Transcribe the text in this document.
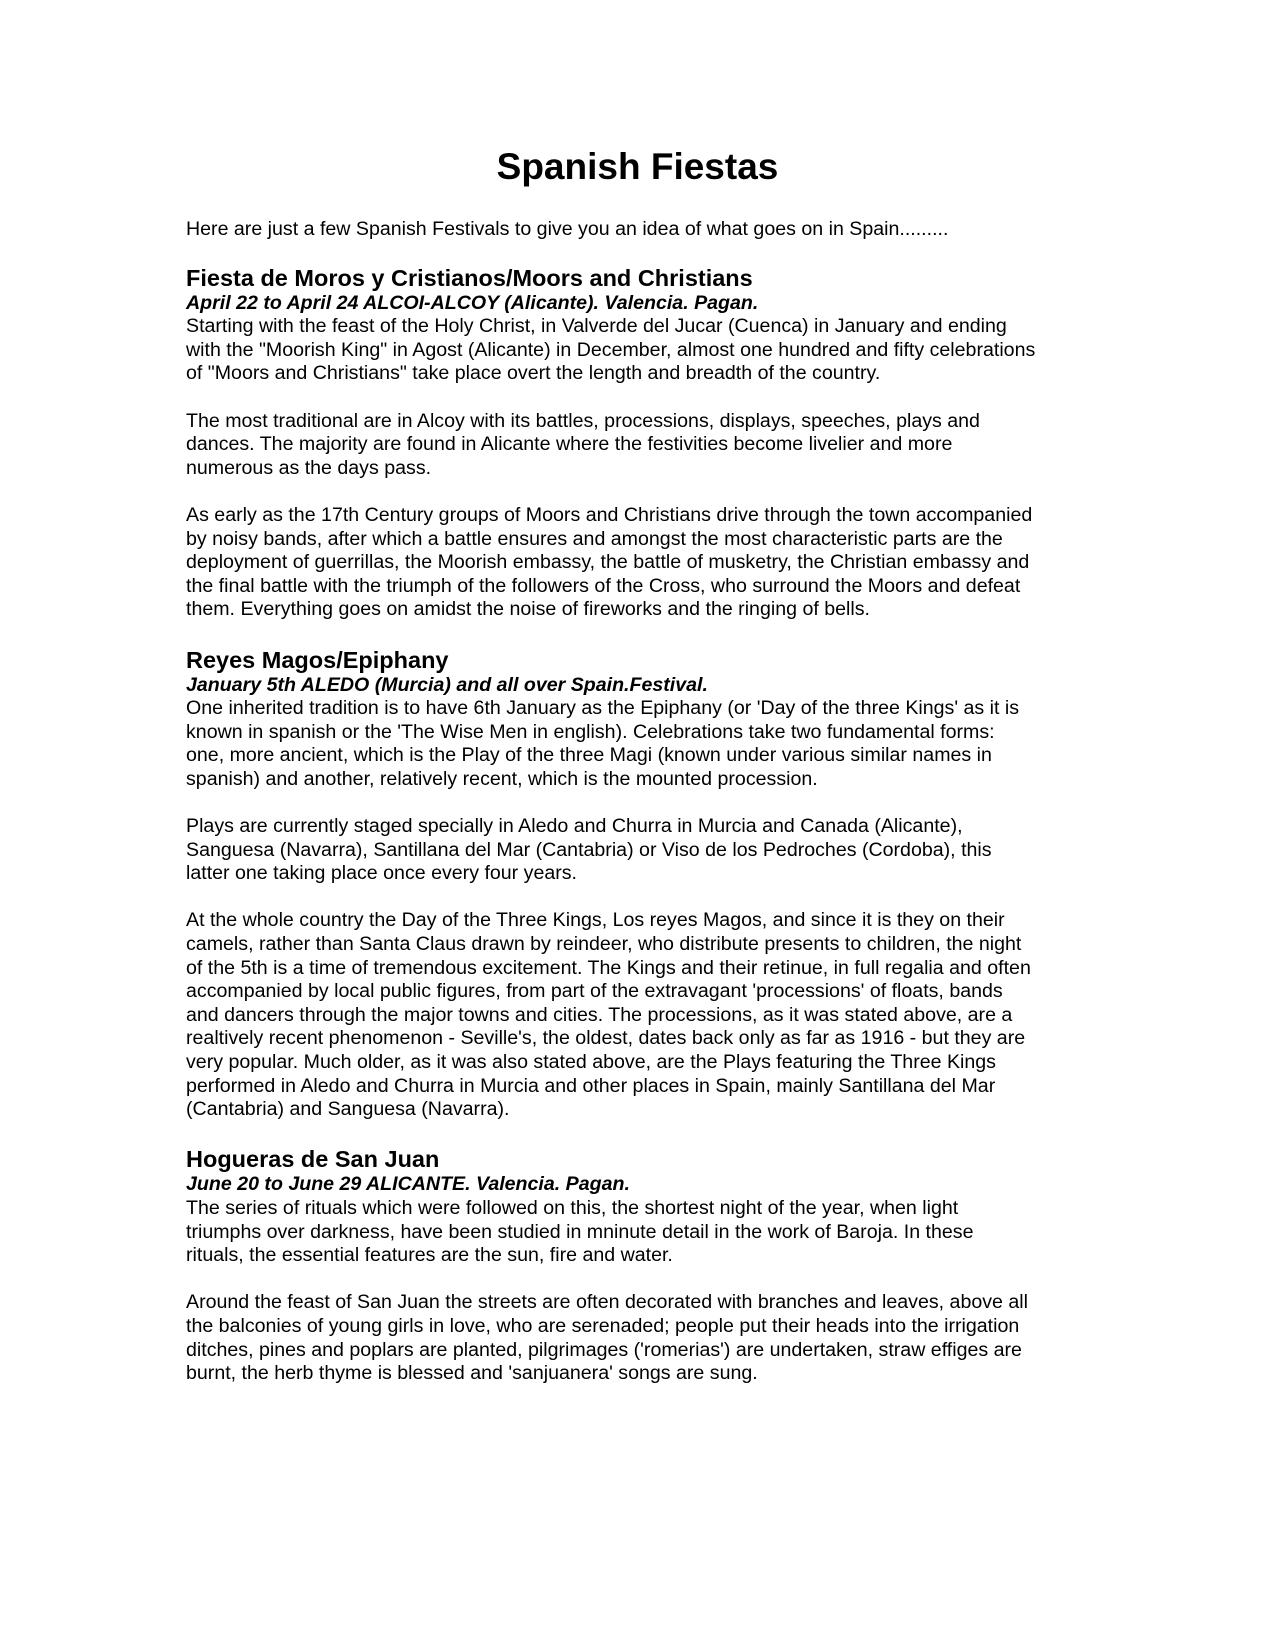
Spanish Fiestas

Here are just a few Spanish Festivals to give you an idea of what goes on in Spain.........

Fiesta de Moros y Cristianos/Moors and Christians

April 22 to April 24 ALCOI-ALCOY (Alicante). Valencia. Pagan.

Starting with the feast of the Holy Christ, in Valverde del Jucar (Cuenca) in January and ending
with the "Moorish King" in Agost (Alicante) in December, almost one hundred and fifty celebrations
of "Moors and Christians" take place overt the length and breadth of the country.

The most traditional are in Alcoy with its battles, processions, displays, speeches, plays and
dances. The majority are found in Alicante where the festivities become livelier and more
numerous as the days pass.

As early as the 17th Century groups of Moors and Christians drive through the town accompanied
by noisy bands, after which a battle ensures and amongst the most characteristic parts are the
deployment of guerrillas, the Moorish embassy, the battle of musketry, the Christian embassy and
the final battle with the triumph of the followers of the Cross, who surround the Moors and defeat
them. Everything goes on amidst the noise of fireworks and the ringing of bells.

Reyes Magos/Epiphany

January 5th ALEDO (Murcia) and all over Spain.Festival.

One inherited tradition is to have 6th January as the Epiphany (or 'Day of the three Kings' as it is
known in spanish or the 'The Wise Men in english). Celebrations take two fundamental forms:
one, more ancient, which is the Play of the three Magi (known under various similar names in
spanish) and another, relatively recent, which is the mounted procession.

Plays are currently staged specially in Aledo and Churra in Murcia and Canada (Alicante),
Sanguesa (Navarra), Santillana del Mar (Cantabria) or Viso de los Pedroches (Cordoba), this
latter one taking place once every four years.

At the whole country the Day of the Three Kings, Los reyes Magos, and since it is they on their
camels, rather than Santa Claus drawn by reindeer, who distribute presents to children, the night
of the 5th is a time of tremendous excitement. The Kings and their retinue, in full regalia and often
accompanied by local public figures, from part of the extravagant 'processions' of floats, bands
and dancers through the major towns and cities. The processions, as it was stated above, are a
realtively recent phenomenon - Seville's, the oldest, dates back only as far as 1916 - but they are
very popular. Much older, as it was also stated above, are the Plays featuring the Three Kings
performed in Aledo and Churra in Murcia and other places in Spain, mainly Santillana del Mar
(Cantabria) and Sanguesa (Navarra).

Hogueras de San Juan

June 20 to June 29 ALICANTE. Valencia. Pagan.

The series of rituals which were followed on this, the shortest night of the year, when light
triumphs over darkness, have been studied in mninute detail in the work of Baroja. In these
rituals, the essential features are the sun, fire and water.

Around the feast of San Juan the streets are often decorated with branches and leaves, above all
the balconies of young girls in love, who are serenaded; people put their heads into the irrigation
ditches, pines and poplars are planted, pilgrimages ('romerias') are undertaken, straw effiges are
burnt, the herb thyme is blessed and 'sanjuanera' songs are sung.
